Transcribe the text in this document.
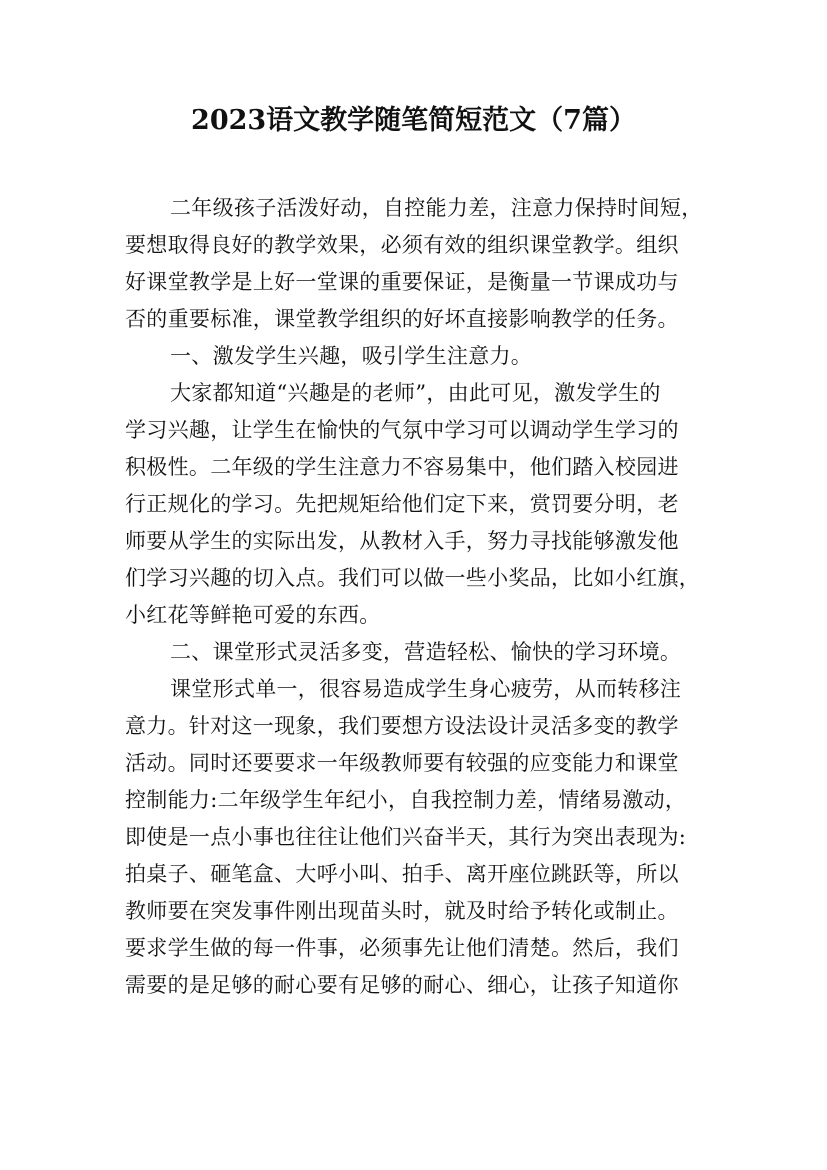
2023语文教学随笔简短范文（7篇）
二年级孩子活泼好动，自控能力差，注意力保持时间短，
要想取得良好的教学效果，必须有效的组织课堂教学。组织
好课堂教学是上好一堂课的重要保证，是衡量一节课成功与
否的重要标准，课堂教学组织的好坏直接影响教学的任务。
一、激发学生兴趣，吸引学生注意力。
大家都知道“兴趣是的老师”，由此可见，激发学生的
学习兴趣，让学生在愉快的气氛中学习可以调动学生学习的
积极性。二年级的学生注意力不容易集中，他们踏入校园进
行正规化的学习。先把规矩给他们定下来，赏罚要分明，老
师要从学生的实际出发，从教材入手，努力寻找能够激发他
们学习兴趣的切入点。我们可以做一些小奖品，比如小红旗，
小红花等鲜艳可爱的东西。
二、课堂形式灵活多变，营造轻松、愉快的学习环境。
课堂形式单一，很容易造成学生身心疲劳，从而转移注
意力。针对这一现象，我们要想方设法设计灵活多变的教学
活动。同时还要要求一年级教师要有较强的应变能力和课堂
控制能力:二年级学生年纪小，自我控制力差，情绪易激动，
即使是一点小事也往往让他们兴奋半天，其行为突出表现为:
拍桌子、砸笔盒、大呼小叫、拍手、离开座位跳跃等，所以
教师要在突发事件刚出现苗头时，就及时给予转化或制止。
要求学生做的每一件事，必须事先让他们清楚。然后，我们
需要的是足够的耐心要有足够的耐心、细心，让孩子知道你
